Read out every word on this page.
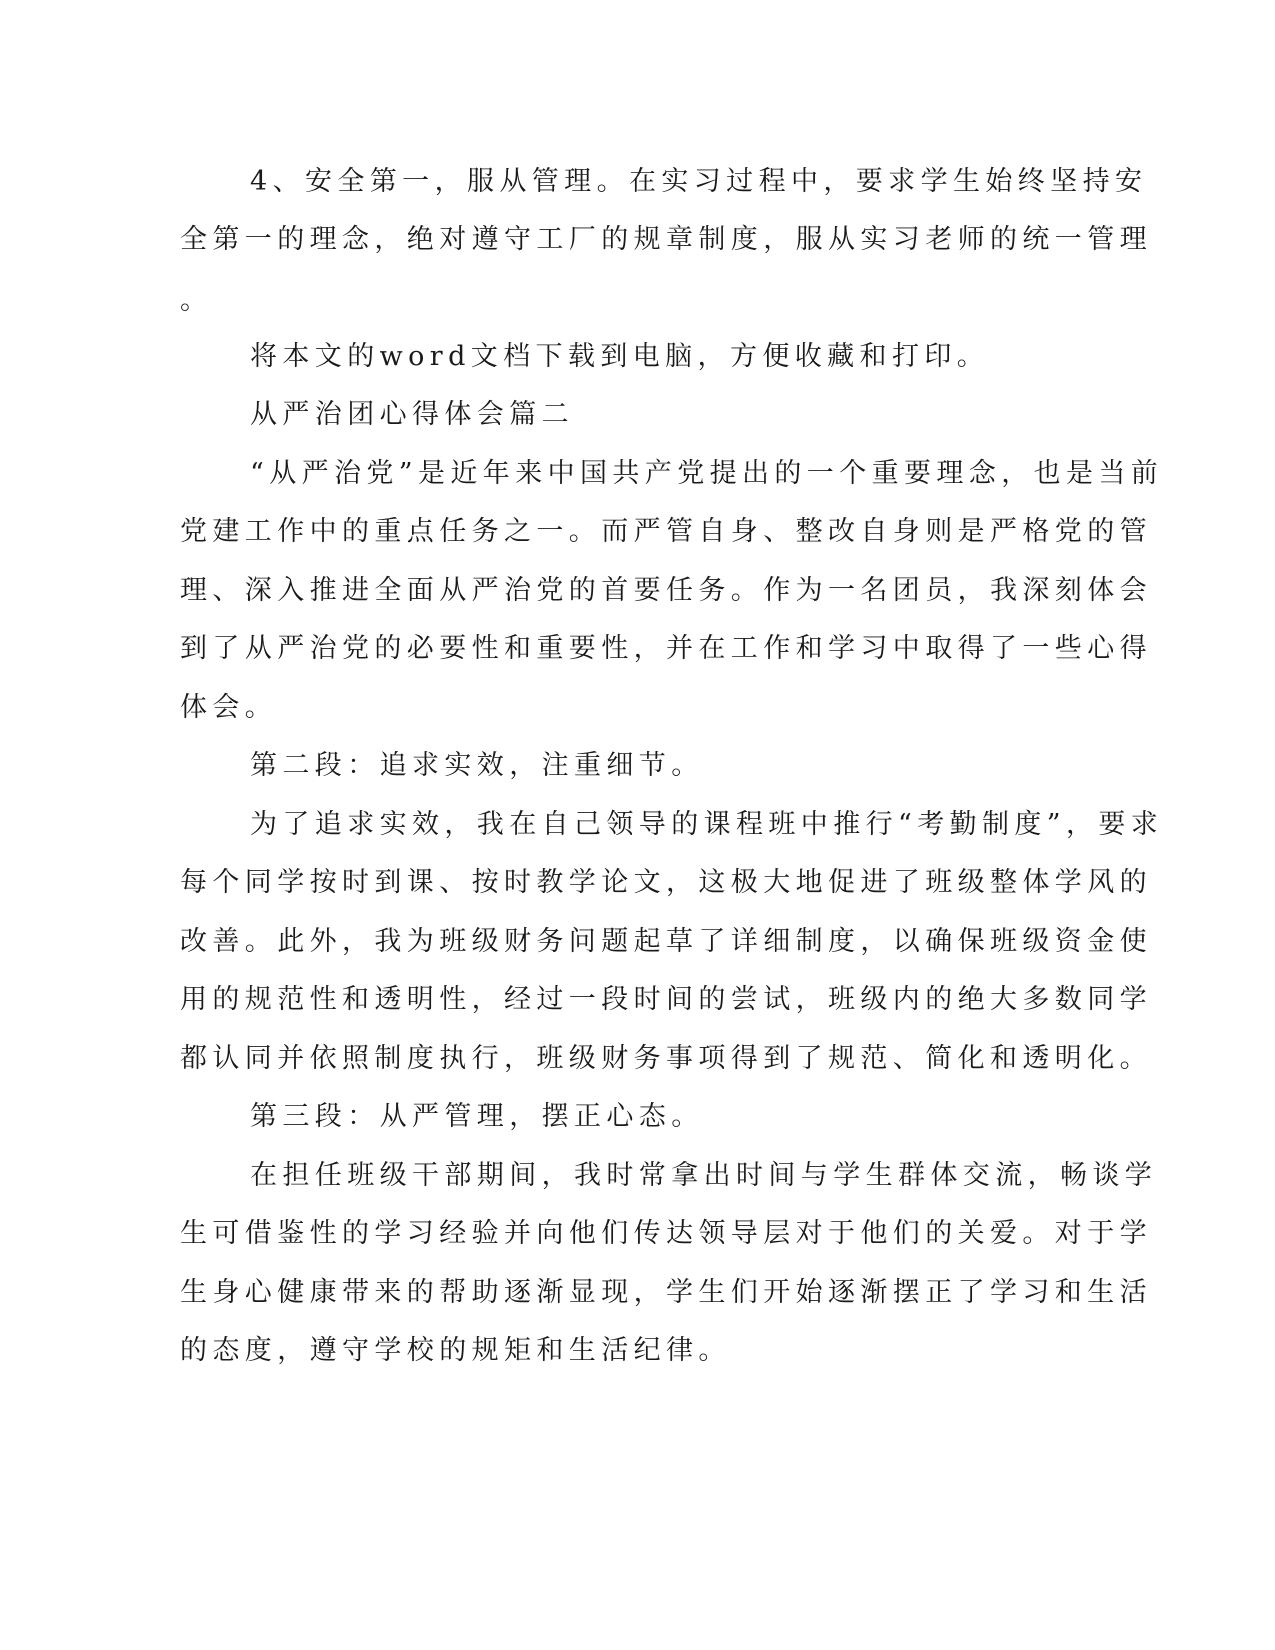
4、安全第一，服从管理。在实习过程中，要求学生始终坚持安
全第一的理念，绝对遵守工厂的规章制度，服从实习老师的统一管理
。
将本文的word文档下载到电脑，方便收藏和打印。
从严治团心得体会篇二
“从严治党”是近年来中国共产党提出的一个重要理念，也是当前
党建工作中的重点任务之一。而严管自身、整改自身则是严格党的管
理、深入推进全面从严治党的首要任务。作为一名团员，我深刻体会
到了从严治党的必要性和重要性，并在工作和学习中取得了一些心得
体会。
第二段：追求实效，注重细节。
为了追求实效，我在自己领导的课程班中推行“考勤制度”，要求
每个同学按时到课、按时教学论文，这极大地促进了班级整体学风的
改善。此外，我为班级财务问题起草了详细制度，以确保班级资金使
用的规范性和透明性，经过一段时间的尝试，班级内的绝大多数同学
都认同并依照制度执行，班级财务事项得到了规范、简化和透明化。
第三段：从严管理，摆正心态。
在担任班级干部期间，我时常拿出时间与学生群体交流，畅谈学
生可借鉴性的学习经验并向他们传达领导层对于他们的关爱。对于学
生身心健康带来的帮助逐渐显现，学生们开始逐渐摆正了学习和生活
的态度，遵守学校的规矩和生活纪律。
